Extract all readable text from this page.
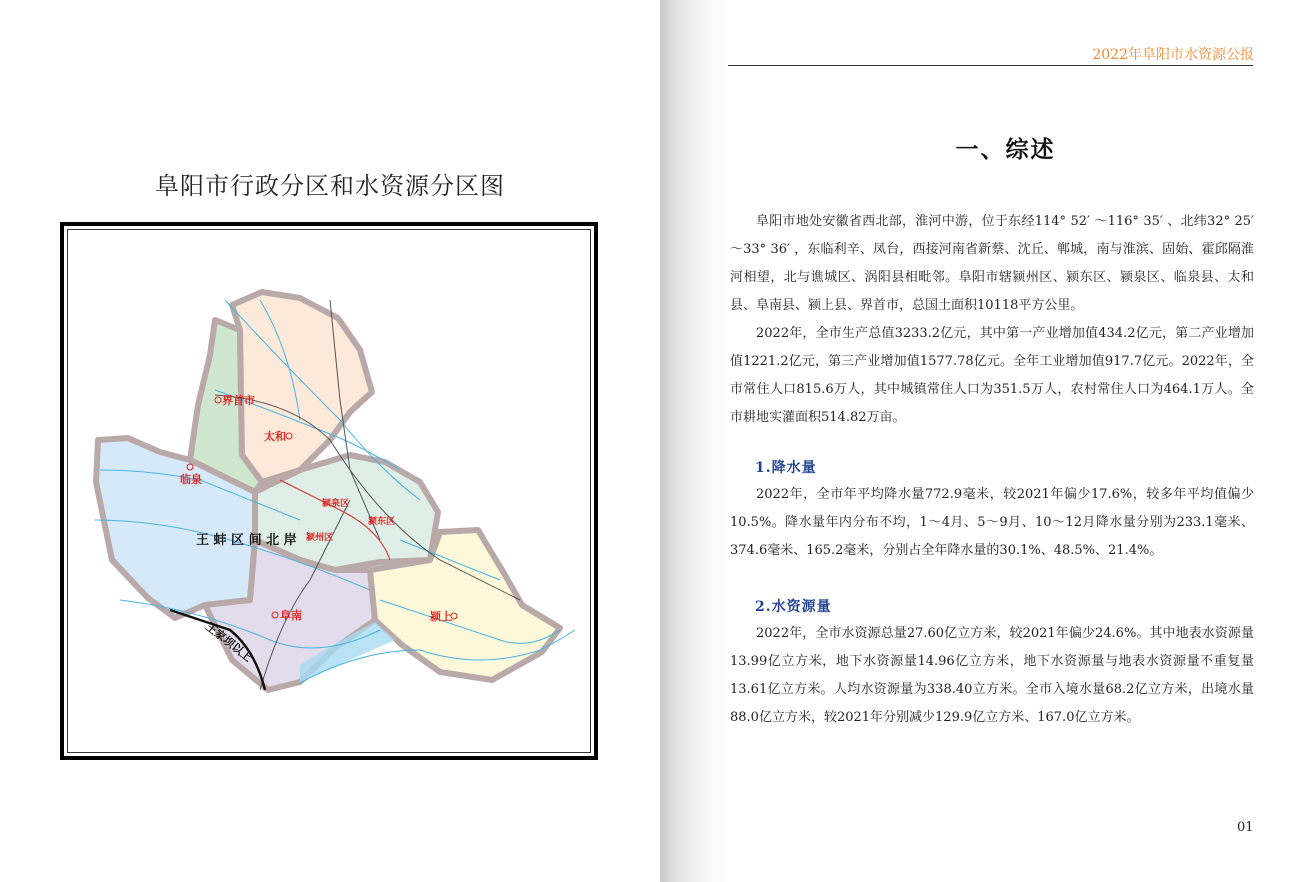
阜阳市行政分区和水资源分区图
界首市
太和
临泉
颍泉区
颍东区
颍州区
阜南	颍上
王 蚌 区 间 北 岸
王家坝以上
2022年阜阳市水资源公报
一、综述

阜阳市地处安徽省西北部，淮河中游，位于东经114° 52′ ～116° 35′ 、北纬32° 25′ ～33° 36′ ，东临利辛、凤台，西接河南省新蔡、沈丘、郸城，南与淮滨、固始、霍邱隔淮河相望，北与谯城区、涡阳县相毗邻。阜阳市辖颍州区、颍东区、颍泉区、临泉县、太和县、阜南县、颍上县、界首市，总国土面积10118平方公里。

2022年，全市生产总值3233.2亿元，其中第一产业增加值434.2亿元，第二产业增加值1221.2亿元，第三产业增加值1577.78亿元。全年工业增加值917.7亿元。2022年，全市常住人口815.6万人，其中城镇常住人口为351.5万人，农村常住人口为464.1万人。全市耕地实灌面积514.82万亩。

1.降水量

2022年，全市年平均降水量772.9毫米，较2021年偏少17.6%，较多年平均值偏少10.5%。降水量年内分布不均，1～4月、5～9月、10～12月降水量分别为233.1毫米、374.6毫米、165.2毫米，分别占全年降水量的30.1%、48.5%、21.4%。

2.水资源量

2022年，全市水资源总量27.60亿立方米，较2021年偏少24.6%。其中地表水资源量13.99亿立方米，地下水资源量14.96亿立方米，地下水资源量与地表水资源量不重复量13.61亿立方米。人均水资源量为338.40立方米。全市入境水量68.2亿立方米，出境水量88.0亿立方米，较2021年分别减少129.9亿立方米、167.0亿立方米。

01
